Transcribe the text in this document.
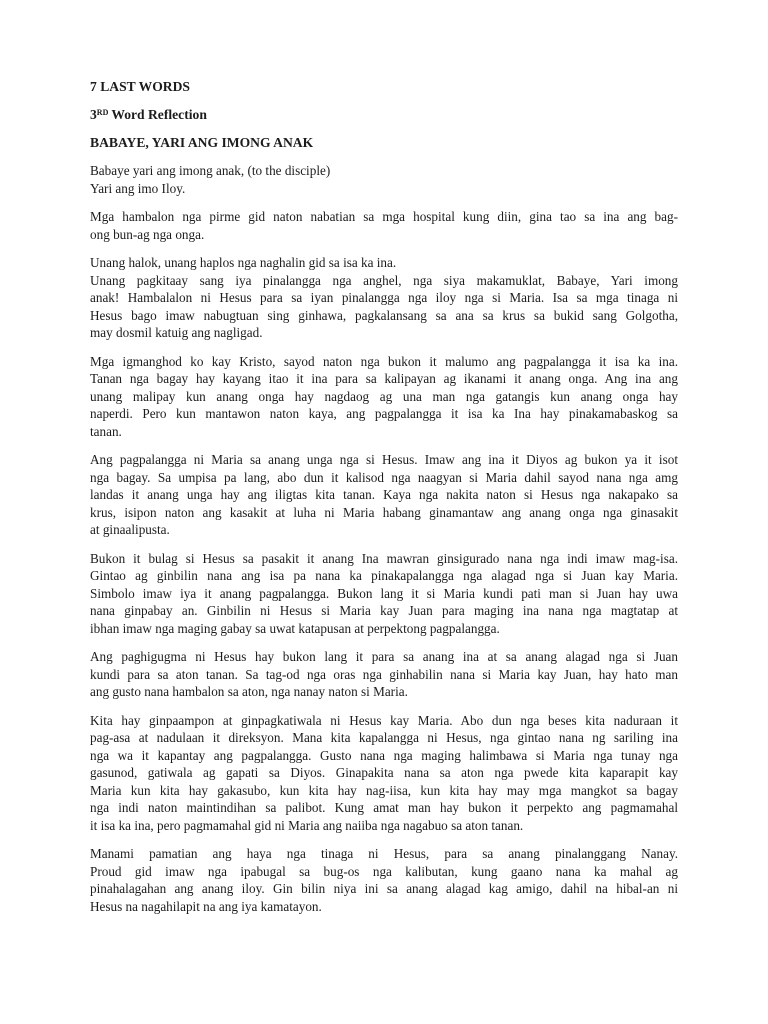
7 LAST WORDS
3RD Word Reflection
BABAYE, YARI ANG IMONG ANAK
Babaye yari ang imong anak, (to the disciple)
Yari ang imo Iloy.
Mga hambalon nga pirme gid naton nabatian sa mga hospital kung diin, gina tao sa ina ang bag-
ong bun-ag nga onga.
Unang halok, unang haplos nga naghalin gid sa isa ka ina.
Unang pagkitaay sang iya pinalangga nga anghel, nga siya makamuklat, Babaye, Yari imong
anak! Hambalalon ni Hesus para sa iyan pinalangga nga iloy nga si Maria. Isa sa mga tinaga ni
Hesus bago imaw nabugtuan sing ginhawa, pagkalansang sa ana sa krus sa bukid sang Golgotha,
may dosmil katuig ang nagligad.
Mga igmanghod ko kay Kristo, sayod naton nga bukon it malumo ang pagpalangga it isa ka ina.
Tanan nga bagay hay kayang itao it ina para sa kalipayan ag ikanami it anang onga. Ang ina ang
unang malipay kun anang onga hay nagdaog ag una man nga gatangis kun anang onga hay
naperdi. Pero kun mantawon naton kaya, ang pagpalangga it isa ka Ina hay pinakamabaskog sa
tanan.
Ang pagpalangga ni Maria sa anang unga nga si Hesus. Imaw ang ina it Diyos ag bukon ya it isot
nga bagay. Sa umpisa pa lang, abo dun it kalisod nga naagyan si Maria dahil sayod nana nga amg
landas it anang unga hay ang iligtas kita tanan. Kaya nga nakita naton si Hesus nga nakapako sa
krus, isipon naton ang kasakit at luha ni Maria habang ginamantaw ang anang onga nga ginasakit
at ginaalipusta.
Bukon it bulag si Hesus sa pasakit it anang Ina mawran ginsigurado nana nga indi imaw mag-isa.
Gintao ag ginbilin nana ang isa pa nana ka pinakapalangga nga alagad nga si Juan kay Maria.
Simbolo imaw iya it anang pagpalangga. Bukon lang it si Maria kundi pati man si Juan hay uwa
nana ginpabay an. Ginbilin ni Hesus si Maria kay Juan para maging ina nana nga magtatap at
ibhan imaw nga maging gabay sa uwat katapusan at perpektong pagpalangga.
Ang paghigugma ni Hesus hay bukon lang it para sa anang ina at sa anang alagad nga si Juan
kundi para sa aton tanan. Sa tag-od nga oras nga ginhabilin nana si Maria kay Juan, hay hato man
ang gusto nana hambalon sa aton, nga nanay naton si Maria.
Kita hay ginpaampon at ginpagkatiwala ni Hesus kay Maria. Abo dun nga beses kita naduraan it
pag-asa at nadulaan it direksyon. Mana kita kapalangga ni Hesus, nga gintao nana ng sariling ina
nga wa it kapantay ang pagpalangga. Gusto nana nga maging halimbawa si Maria nga tunay nga
gasunod, gatiwala ag gapati sa Diyos. Ginapakita nana sa aton nga pwede kita kaparapit kay
Maria kun kita hay gakasubo, kun kita hay nag-iisa, kun kita hay may mga mangkot sa bagay
nga indi naton maintindihan sa palibot. Kung amat man hay bukon it perpekto ang pagmamahal
it isa ka ina, pero pagmamahal gid ni Maria ang naiiba nga nagabuo sa aton tanan.
Manami pamatian ang haya nga tinaga ni Hesus, para sa anang pinalanggang Nanay.
Proud gid imaw nga ipabugal sa bug-os nga kalibutan, kung gaano nana ka mahal ag
pinahalagahan ang anang iloy. Gin bilin niya ini sa anang alagad kag amigo, dahil na hibal-an ni
Hesus na nagahilapit na ang iya kamatayon.
